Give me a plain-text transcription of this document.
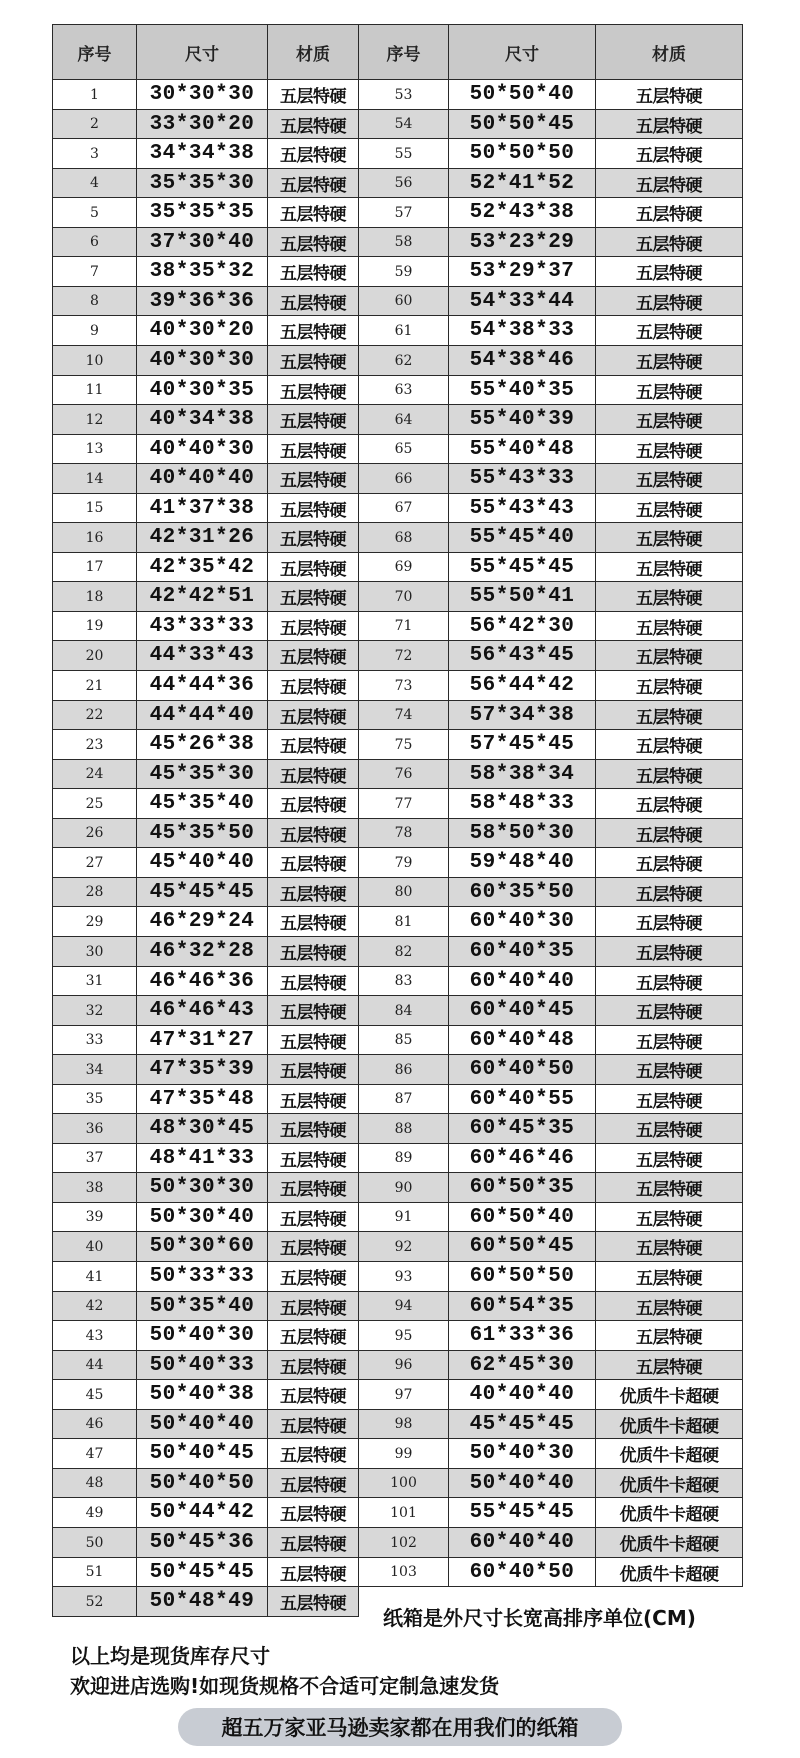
序号	尺寸	材质	序号	尺寸	材质
1	30*30*30	五层特硬
2	33*30*20	五层特硬
3	34*34*38	五层特硬
4	35*35*30	五层特硬
5	35*35*35	五层特硬
6	37*30*40	五层特硬
7	38*35*32	五层特硬
8	39*36*36	五层特硬
9	40*30*20	五层特硬
10	40*30*30	五层特硬
11	40*30*35	五层特硬
12	40*34*38	五层特硬
13	40*40*30	五层特硬
14	40*40*40	五层特硬
15	41*37*38	五层特硬
16	42*31*26	五层特硬
17	42*35*42	五层特硬
18	42*42*51	五层特硬
19	43*33*33	五层特硬
20	44*33*43	五层特硬
21	44*44*36	五层特硬
22	44*44*40	五层特硬
23	45*26*38	五层特硬
24	45*35*30	五层特硬
25	45*35*40	五层特硬
26	45*35*50	五层特硬
27	45*40*40	五层特硬
28	45*45*45	五层特硬
29	46*29*24	五层特硬
30	46*32*28	五层特硬
31	46*46*36	五层特硬
32	46*46*43	五层特硬
33	47*31*27	五层特硬
34	47*35*39	五层特硬
35	47*35*48	五层特硬
36	48*30*45	五层特硬
37	48*41*33	五层特硬
38	50*30*30	五层特硬
39	50*30*40	五层特硬
40	50*30*60	五层特硬
41	50*33*33	五层特硬
42	50*35*40	五层特硬
43	50*40*30	五层特硬
44	50*40*33	五层特硬
45	50*40*38	五层特硬
46	50*40*40	五层特硬
47	50*40*45	五层特硬
48	50*40*50	五层特硬
49	50*44*42	五层特硬
50	50*45*36	五层特硬
51	50*45*45	五层特硬
52	50*48*49	五层特硬
53	50*50*40	五层特硬
54	50*50*45	五层特硬
55	50*50*50	五层特硬
56	52*41*52	五层特硬
57	52*43*38	五层特硬
58	53*23*29	五层特硬
59	53*29*37	五层特硬
60	54*33*44	五层特硬
61	54*38*33	五层特硬
62	54*38*46	五层特硬
63	55*40*35	五层特硬
64	55*40*39	五层特硬
65	55*40*48	五层特硬
66	55*43*33	五层特硬
67	55*43*43	五层特硬
68	55*45*40	五层特硬
69	55*45*45	五层特硬
70	55*50*41	五层特硬
71	56*42*30	五层特硬
72	56*43*45	五层特硬
73	56*44*42	五层特硬
74	57*34*38	五层特硬
75	57*45*45	五层特硬
76	58*38*34	五层特硬
77	58*48*33	五层特硬
78	58*50*30	五层特硬
79	59*48*40	五层特硬
80	60*35*50	五层特硬
81	60*40*30	五层特硬
82	60*40*35	五层特硬
83	60*40*40	五层特硬
84	60*40*45	五层特硬
85	60*40*48	五层特硬
86	60*40*50	五层特硬
87	60*40*55	五层特硬
88	60*45*35	五层特硬
89	60*46*46	五层特硬
90	60*50*35	五层特硬
91	60*50*40	五层特硬
92	60*50*45	五层特硬
93	60*50*50	五层特硬
94	60*54*35	五层特硬
95	61*33*36	五层特硬
96	62*45*30	五层特硬
97	40*40*40	优质牛卡超硬
98	45*45*45	优质牛卡超硬
99	50*40*30	优质牛卡超硬
100	50*40*40	优质牛卡超硬
101	55*45*45	优质牛卡超硬
102	60*40*40	优质牛卡超硬
103	60*40*50	优质牛卡超硬
纸箱是外尺寸长宽高排序单位(CM)
以上均是现货库存尺寸
欢迎进店选购!如现货规格不合适可定制急速发货
超五万家亚马逊卖家都在用我们的纸箱
